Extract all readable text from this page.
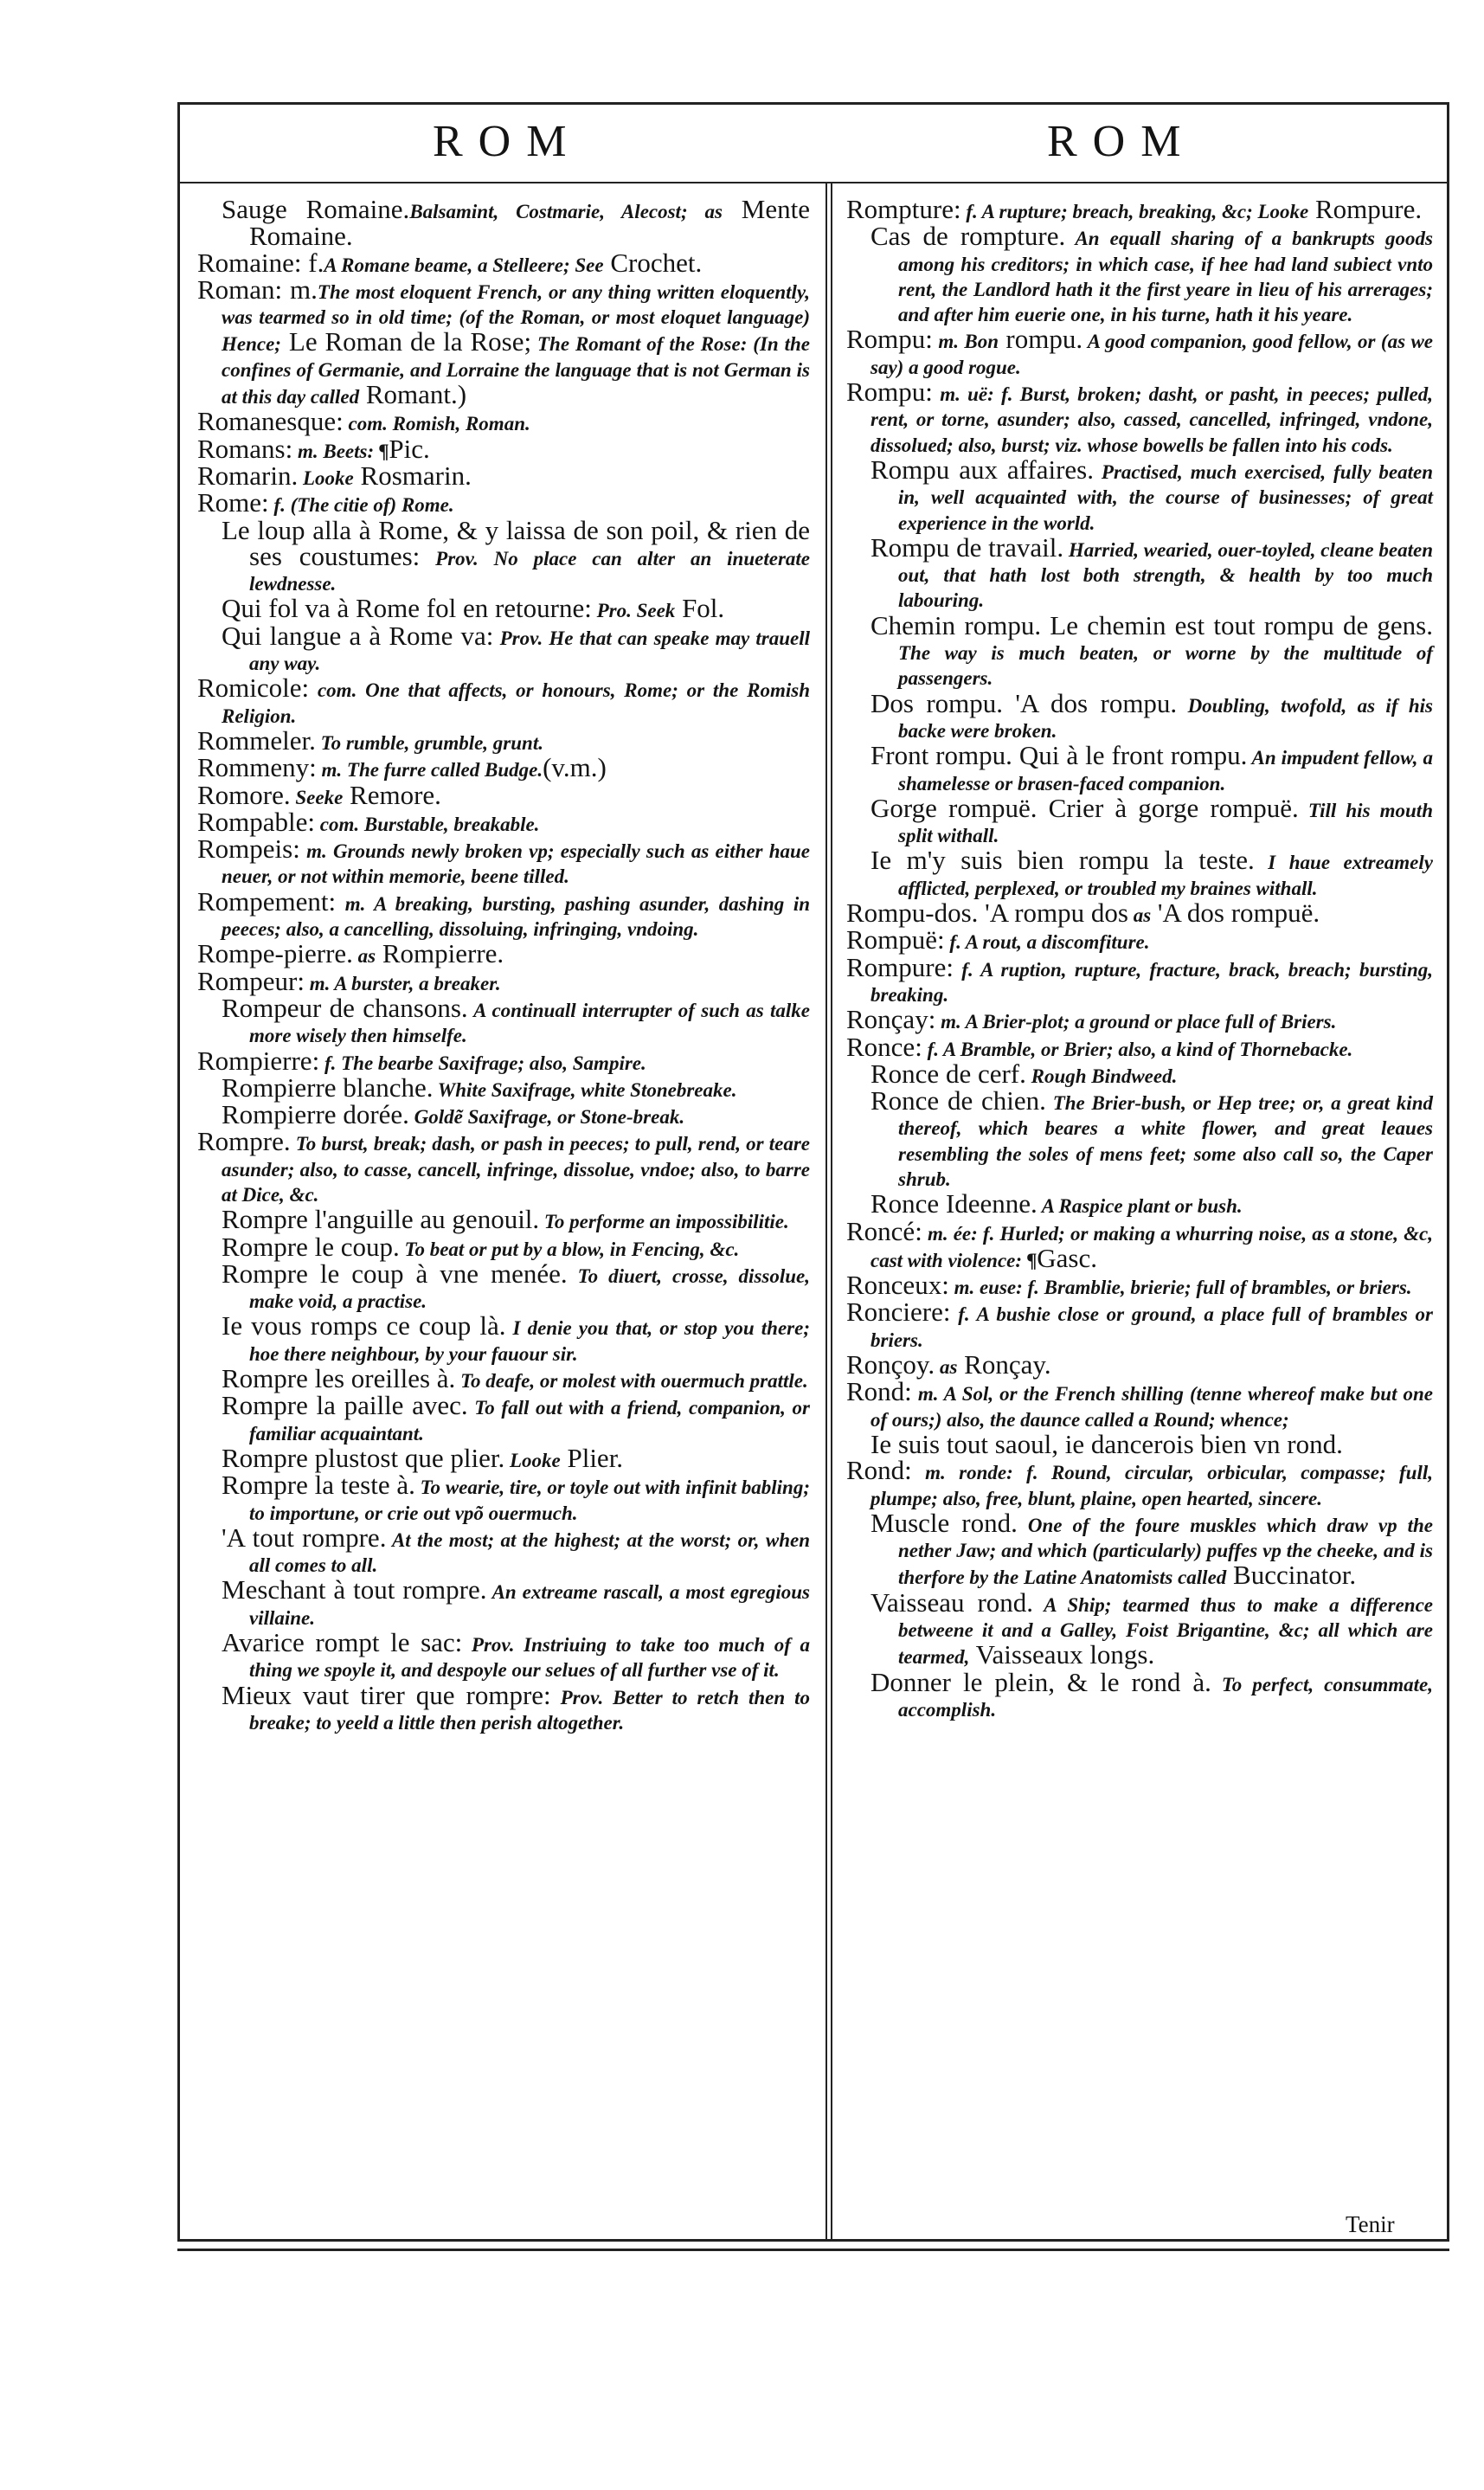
ROM	ROM

Sauge Romaine.Balsamint, Costmarie, Alecost; as Mente Romaine.

Romaine: f.A Romane beame, a Stelleere; See Crochet.

Roman: m.The most eloquent French, or any thing written eloquently, was tearmed so in old time; (of the Roman, or most eloquet language) Hence; Le Roman de la Rose; The Romant of the Rose: (In the confines of Germanie, and Lorraine the language that is not German is at this day called Romant.)

Romanesque: com. Romish, Roman.

Romans: m. Beets: ¶Pic.

Romarin. Looke Rosmarin.

Rome: f. (The citie of) Rome.

Le loup alla à Rome, & y laissa de son poil, & rien de ses coustumes: Prov. No place can alter an inueterate lewdnesse.

Qui fol va à Rome fol en retourne: Pro. Seek Fol.

Qui langue a à Rome va: Prov. He that can speake may trauell any way.

Romicole: com. One that affects, or honours, Rome; or the Romish Religion.

Rommeler. To rumble, grumble, grunt.

Rommeny: m. The furre called Budge.(v.m.)

Romore. Seeke Remore.

Rompable: com. Burstable, breakable.

Rompeis: m. Grounds newly broken vp; especially such as either haue neuer, or not within memorie, beene tilled.

Rompement: m. A breaking, bursting, pashing asunder, dashing in peeces; also, a cancelling, dissoluing, infringing, vndoing.

Rompe-pierre. as Rompierre.

Rompeur: m. A burster, a breaker.

Rompeur de chansons. A continuall interrupter of such as talke more wisely then himselfe.

Rompierre: f. The bearbe Saxifrage; also, Sampire.

Rompierre blanche. White Saxifrage, white Stonebreake.

Rompierre dorée. Goldẽ Saxifrage, or Stone-break.

Rompre. To burst, break; dash, or pash in peeces; to pull, rend, or teare asunder; also, to casse, cancell, infringe, dissolue, vndoe; also, to barre at Dice, &c.

Rompre l'anguille au genouil. To performe an impossibilitie.

Rompre le coup. To beat or put by a blow, in Fencing, &c.

Rompre le coup à vne menée. To diuert, crosse, dissolue, make void, a practise.

Ie vous romps ce coup là. I denie you that, or stop you there; hoe there neighbour, by your fauour sir.

Rompre les oreilles à. To deafe, or molest with ouermuch prattle.

Rompre la paille avec. To fall out with a friend, companion, or familiar acquaintant.

Rompre plustost que plier. Looke Plier.

Rompre la teste à. To wearie, tire, or toyle out with infinit babling; to importune, or crie out vpõ ouermuch.

'A tout rompre. At the most; at the highest; at the worst; or, when all comes to all.

Meschant à tout rompre. An extreame rascall, a most egregious villaine.

Avarice rompt le sac: Prov. Instriuing to take too much of a thing we spoyle it, and despoyle our selues of all further vse of it.

Mieux vaut tirer que rompre: Prov. Better to retch then to breake; to yeeld a little then perish altogether.

Rompture: f. A rupture; breach, breaking, &c; Looke Rompure.

Cas de rompture. An equall sharing of a bankrupts goods among his creditors; in which case, if hee had land subiect vnto rent, the Landlord hath it the first yeare in lieu of his arrerages; and after him euerie one, in his turne, hath it his yeare.

Rompu: m. Bon rompu. A good companion, good fellow, or (as we say) a good rogue.

Rompu: m. uë: f. Burst, broken; dasht, or pasht, in peeces; pulled, rent, or torne, asunder; also, cassed, cancelled, infringed, vndone, dissolued; also, burst; viz. whose bowells be fallen into his cods.

Rompu aux affaires. Practised, much exercised, fully beaten in, well acquainted with, the course of businesses; of great experience in the world.

Rompu de travail. Harried, wearied, ouer-toyled, cleane beaten out, that hath lost both strength, & health by too much labouring.

Chemin rompu. Le chemin est tout rompu de gens. The way is much beaten, or worne by the multitude of passengers.

Dos rompu. 'A dos rompu. Doubling, twofold, as if his backe were broken.

Front rompu. Qui à le front rompu. An impudent fellow, a shamelesse or brasen-faced companion.

Gorge rompuë. Crier à gorge rompuë. Till his mouth split withall.

Ie m'y suis bien rompu la teste. I haue extreamely afflicted, perplexed, or troubled my braines withall.

Rompu-dos. 'A rompu dos as 'A dos rompuë.

Rompuë: f. A rout, a discomfiture.

Rompure: f. A ruption, rupture, fracture, brack, breach; bursting, breaking.

Ronçay: m. A Brier-plot; a ground or place full of Briers.

Ronce: f. A Bramble, or Brier; also, a kind of Thornebacke.

Ronce de cerf. Rough Bindweed.

Ronce de chien. The Brier-bush, or Hep tree; or, a great kind thereof, which beares a white flower, and great leaues resembling the soles of mens feet; some also call so, the Caper shrub.

Ronce Ideenne. A Raspice plant or bush.

Roncé: m. ée: f. Hurled; or making a whurring noise, as a stone, &c, cast with violence: ¶Gasc.

Ronceux: m. euse: f. Bramblie, brierie; full of brambles, or briers.

Ronciere: f. A bushie close or ground, a place full of brambles or briers.

Ronçoy. as Ronçay.

Rond: m. A Sol, or the French shilling (tenne whereof make but one of ours;) also, the daunce called a Round; whence;

Ie suis tout saoul, ie dancerois bien vn rond.

Rond: m. ronde: f. Round, circular, orbicular, compasse; full, plumpe; also, free, blunt, plaine, open hearted, sincere.

Muscle rond. One of the foure muskles which draw vp the nether Jaw; and which (particularly) puffes vp the cheeke, and is therfore by the Latine Anatomists called Buccinator.

Vaisseau rond. A Ship; tearmed thus to make a difference betweene it and a Galley, Foist Brigantine, &c; all which are tearmed, Vaisseaux longs.

Donner le plein, & le rond à. To perfect, consummate, accomplish.

Tenir
